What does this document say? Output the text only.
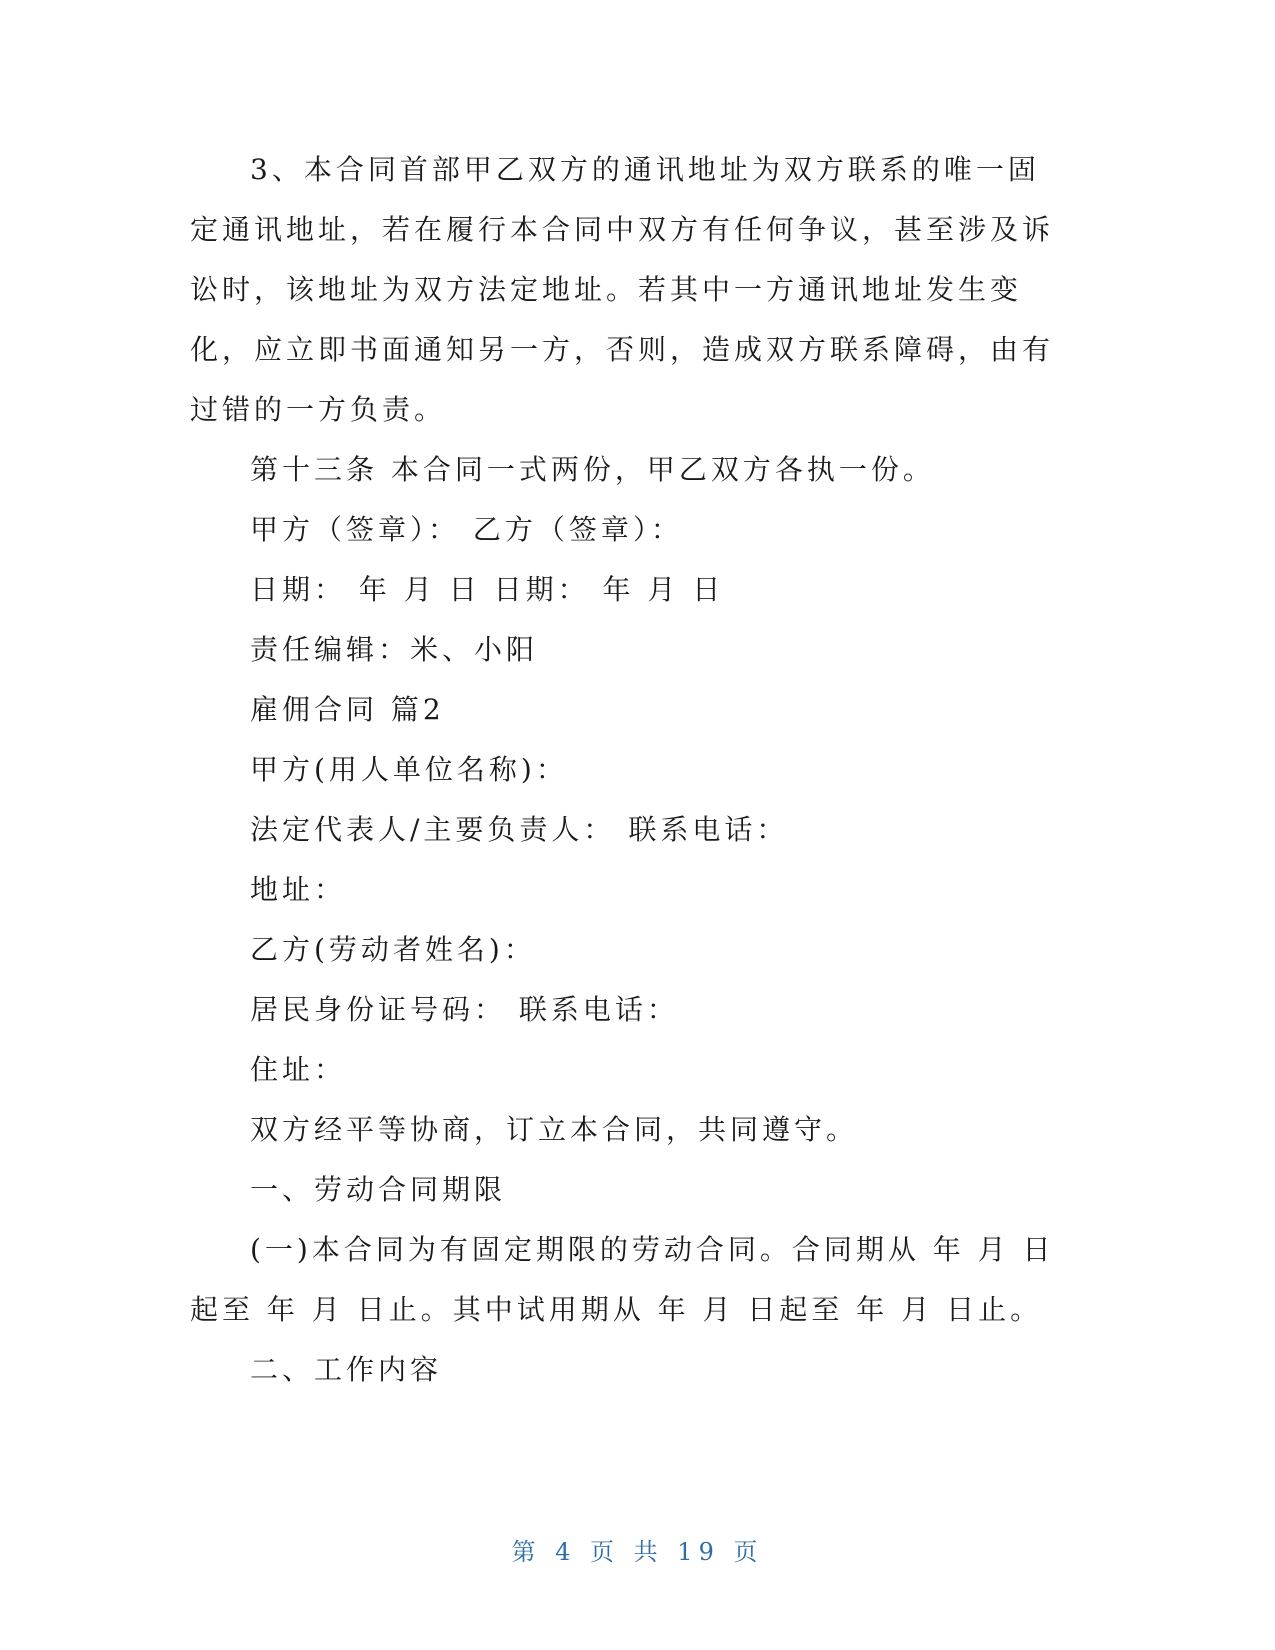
3、本合同首部甲乙双方的通讯地址为双方联系的唯一固定通讯地址，若在履行本合同中双方有任何争议，甚至涉及诉讼时，该地址为双方法定地址。若其中一方通讯地址发生变化，应立即书面通知另一方，否则，造成双方联系障碍，由有过错的一方负责。

第十三条 本合同一式两份，甲乙双方各执一份。

甲方（签章）： 乙方（签章）：

日期： 年 月 日 日期： 年 月 日

责任编辑：米、小阳

雇佣合同 篇2

甲方(用人单位名称)：

法定代表人/主要负责人： 联系电话：

地址：

乙方(劳动者姓名)：

居民身份证号码： 联系电话：

住址：

双方经平等协商，订立本合同，共同遵守。

一、劳动合同期限

(一)本合同为有固定期限的劳动合同。合同期从 年 月 日起至 年 月 日止。其中试用期从 年 月 日起至 年 月 日止。

二、工作内容

第 4 页 共 19 页
